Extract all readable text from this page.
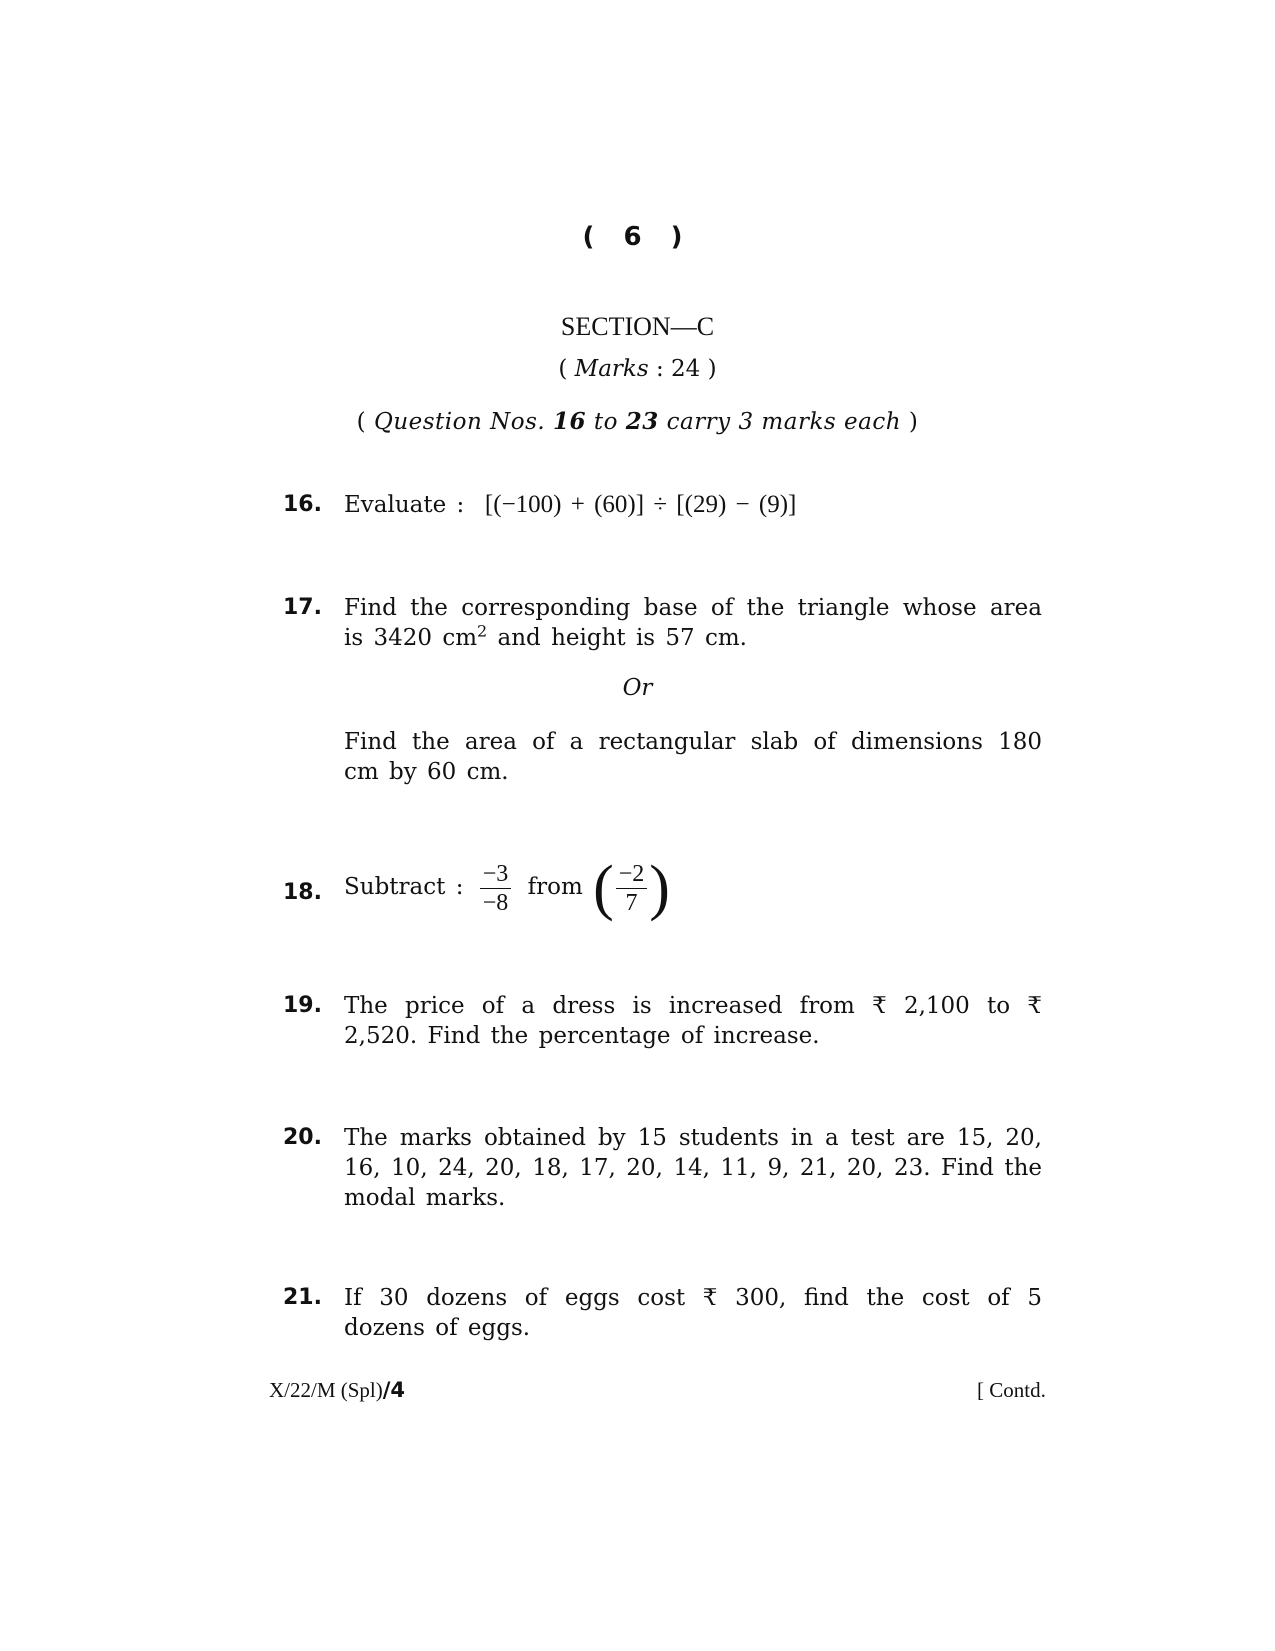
( 6 )
SECTION—C
( Marks : 24 )
( Question Nos. 16 to 23 carry 3 marks each )
16. Evaluate : [(−100) + (60)] ÷ [(29) − (9)]
17. Find the corresponding base of the triangle whose area is 3420 $cm^2$ and height is 57 cm.
Or
Find the area of a rectangular slab of dimensions 180 cm by 60 cm.
18. Subtract : $\frac{-3}{-8}$ from ( $\frac{-2}{7}$ )
19. The price of a dress is increased from ₹ 2,100 to ₹ 2,520. Find the percentage of increase.
20. The marks obtained by 15 students in a test are 15, 20, 16, 10, 24, 20, 18, 17, 20, 14, 11, 9, 21, 20, 23. Find the modal marks.
21. If 30 dozens of eggs cost ₹ 300, find the cost of 5 dozens of eggs.
X/22/M (Spl)/4	[ Contd.
